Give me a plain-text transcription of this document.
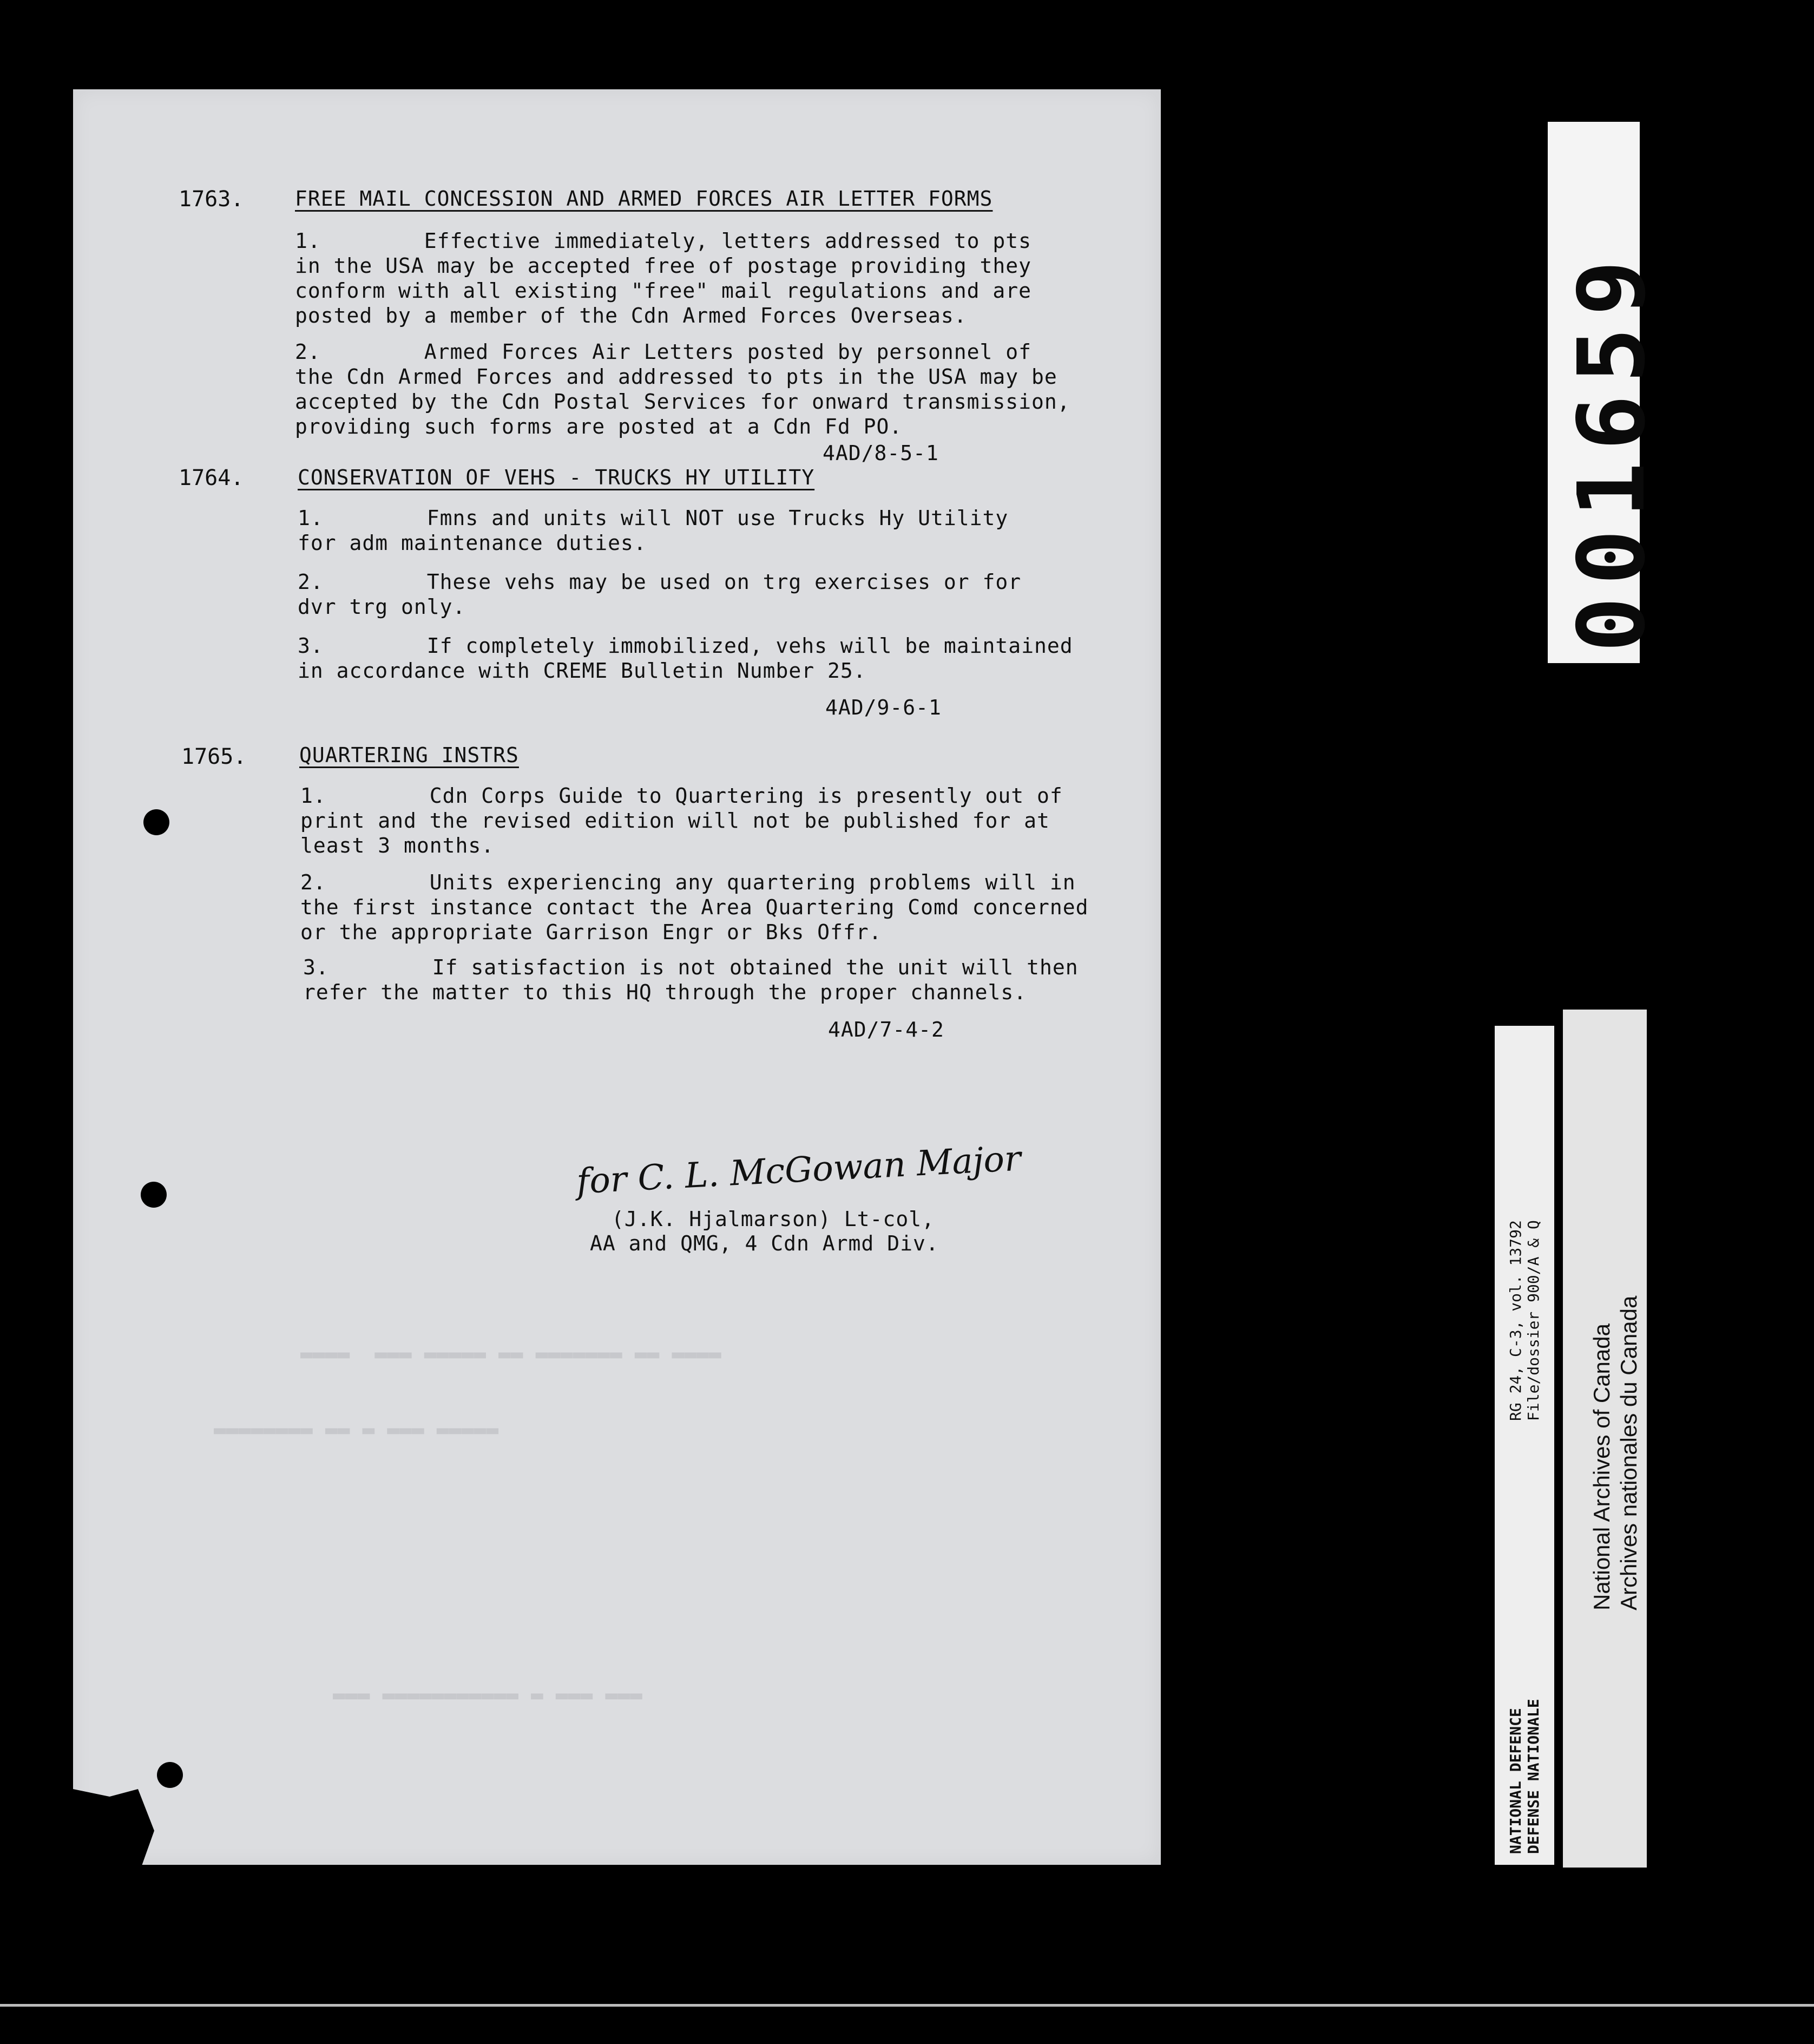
▬▬▬▬  ▬▬▬ ▬▬▬▬▬ ▬▬ ▬▬▬▬▬▬▬ ▬▬ ▬▬▬▬
▬▬▬▬▬▬▬▬ ▬▬ ▬ ▬▬▬ ▬▬▬▬▬
▬▬▬ ▬▬▬▬▬▬▬▬▬▬▬ ▬ ▬▬▬ ▬▬▬
1763. FREE MAIL CONCESSION AND ARMED FORCES AIR LETTER FORMS
1.        Effective immediately, letters addressed to pts
in the USA may be accepted free of postage providing they
conform with all existing "free" mail regulations and are
posted by a member of the Cdn Armed Forces Overseas.
2.        Armed Forces Air Letters posted by personnel of
the Cdn Armed Forces and addressed to pts in the USA may be
accepted by the Cdn Postal Services for onward transmission,
providing such forms are posted at a Cdn Fd PO.
4AD/8-5-1
1764.	CONSERVATION OF VEHS - TRUCKS HY UTILITY
1.        Fmns and units will NOT use Trucks Hy Utility
for adm maintenance duties.
2.        These vehs may be used on trg exercises or for
dvr trg only.
3.        If completely immobilized, vehs will be maintained
in accordance with CREME Bulletin Number 25.
4AD/9-6-1
1765.	QUARTERING INSTRS
1.        Cdn Corps Guide to Quartering is presently out of
print and the revised edition will not be published for at
least 3 months.
2.        Units experiencing any quartering problems will in
the first instance contact the Area Quartering Comd concerned
or the appropriate Garrison Engr or Bks Offr.
3.        If satisfaction is not obtained the unit will then
refer the matter to this HQ through the proper channels.
4AD/7-4-2
for C. L. McGowan Major
(J.K. Hjalmarson) Lt-col,
AA and QMG, 4 Cdn Armd Div.
001659
RG 24, C-3, vol. 13792 File/dossier 900/A & Q
NATIONAL DEFENCE DEFENSE NATIONALE
National Archives of Canada Archives nationales du Canada
